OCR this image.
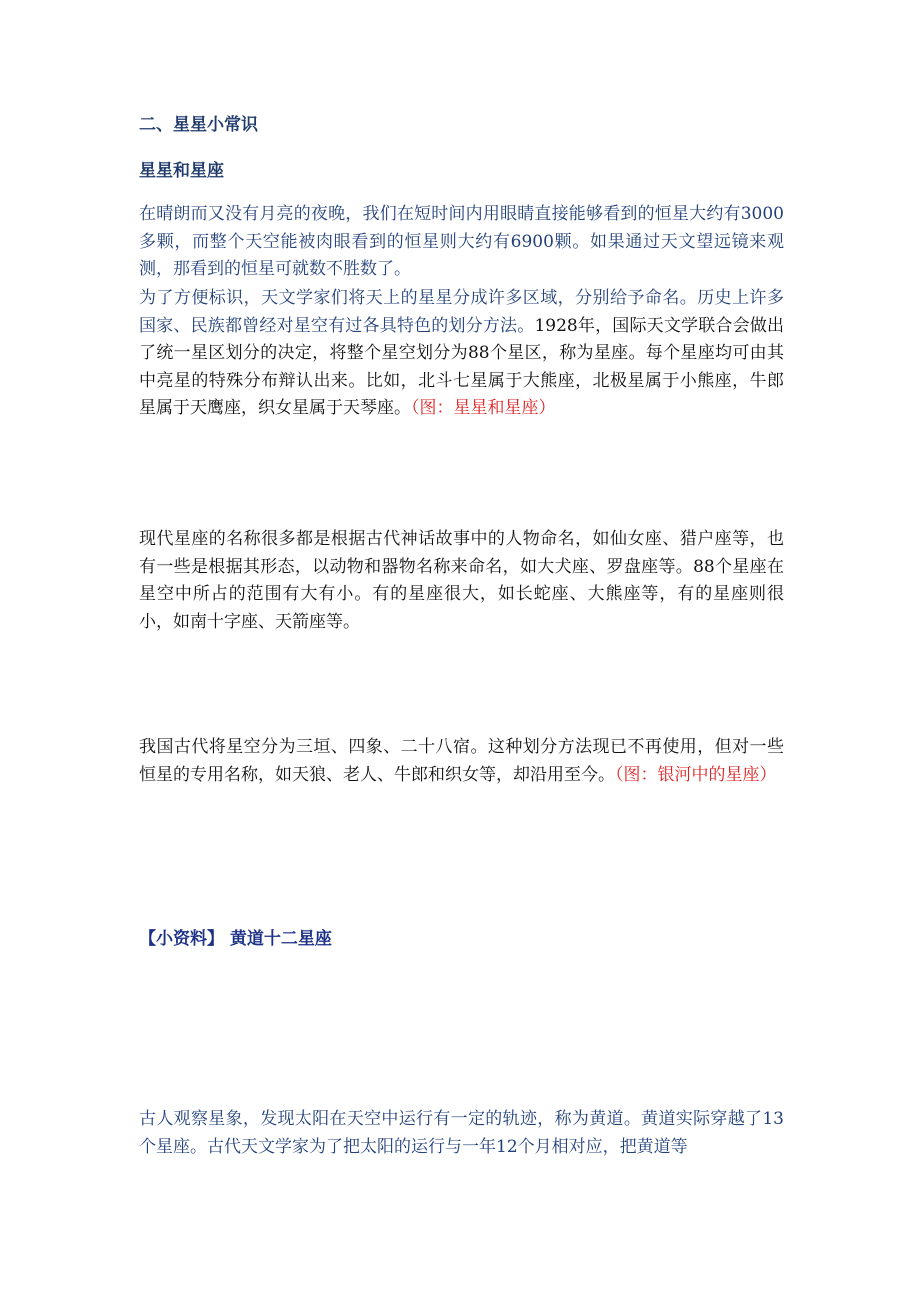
二、星星小常识
星星和星座

在晴朗而又没有月亮的夜晚，我们在短时间内用眼睛直接能够看到的恒星大约有3000多颗，而整个天空能被肉眼看到的恒星则大约有6900颗。如果通过天文望远镜来观测，那看到的恒星可就数不胜数了。

为了方便标识，天文学家们将天上的星星分成许多区域，分别给予命名。历史上许多国家、民族都曾经对星空有过各具特色的划分方法。1928年，国际天文学联合会做出了统一星区划分的决定，将整个星空划分为88个星区，称为星座。每个星座均可由其中亮星的特殊分布辩认出来。比如，北斗七星属于大熊座，北极星属于小熊座，牛郎星属于天鹰座，织女星属于天琴座。（图：星星和星座）

现代星座的名称很多都是根据古代神话故事中的人物命名，如仙女座、猎户座等，也有一些是根据其形态，以动物和器物名称来命名，如大犬座、罗盘座等。88个星座在星空中所占的范围有大有小。有的星座很大，如长蛇座、大熊座等，有的星座则很小，如南十字座、天箭座等。

我国古代将星空分为三垣、四象、二十八宿。这种划分方法现已不再使用，但对一些恒星的专用名称，如天狼、老人、牛郎和织女等，却沿用至今。（图：银河中的星座）

【小资料】 黄道十二星座

古人观察星象，发现太阳在天空中运行有一定的轨迹，称为黄道。黄道实际穿越了13个星座。古代天文学家为了把太阳的运行与一年12个月相对应，把黄道等
